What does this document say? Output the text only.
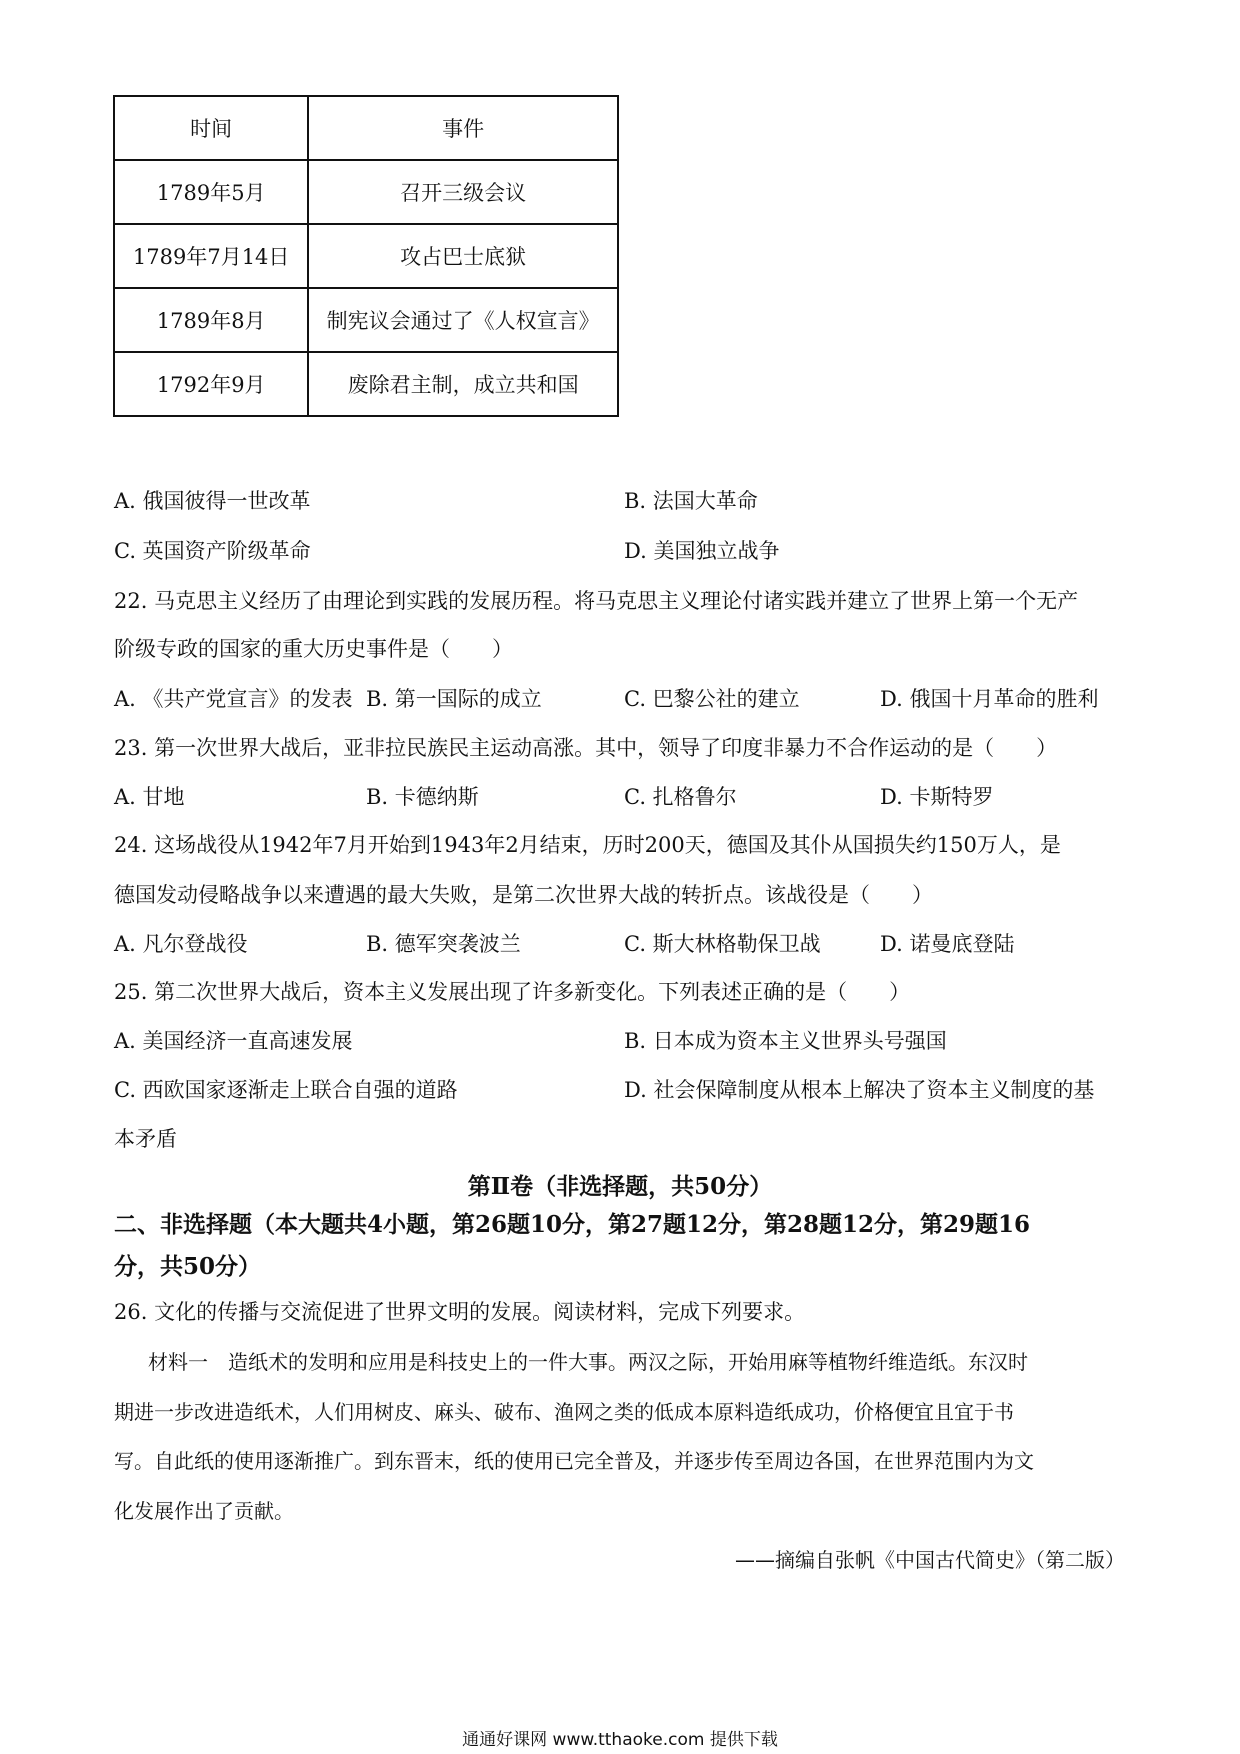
时间	事件
1789年5月	召开三级会议
1789年7月14日	攻占巴士底狱
1789年8月	制宪议会通过了《人权宣言》
1792年9月	废除君主制，成立共和国
A. 俄国彼得一世改革	B. 法国大革命
C. 英国资产阶级革命	D. 美国独立战争
22. 马克思主义经历了由理论到实践的发展历程。将马克思主义理论付诸实践并建立了世界上第一个无产
阶级专政的国家的重大历史事件是（　　）
A. 《共产党宣言》的发表 B. 第一国际的成立	C. 巴黎公社的建立	D. 俄国十月革命的胜利
23. 第一次世界大战后，亚非拉民族民主运动高涨。其中，领导了印度非暴力不合作运动的是（　　）
A. 甘地	B. 卡德纳斯	C. 扎格鲁尔	D. 卡斯特罗
24. 这场战役从1942年7月开始到1943年2月结束，历时200天，德国及其仆从国损失约150万人，是
德国发动侵略战争以来遭遇的最大失败，是第二次世界大战的转折点。该战役是（　　）
A. 凡尔登战役	B. 德军突袭波兰	C. 斯大林格勒保卫战	D. 诺曼底登陆
25. 第二次世界大战后，资本主义发展出现了许多新变化。下列表述正确的是（　　）
A. 美国经济一直高速发展	B. 日本成为资本主义世界头号强国
C. 西欧国家逐渐走上联合自强的道路	D. 社会保障制度从根本上解决了资本主义制度的基
本矛盾
第Ⅱ卷（非选择题，共50分）
二、非选择题（本大题共4小题，第26题10分，第27题12分，第28题12分，第29题16
分，共50分）
26. 文化的传播与交流促进了世界文明的发展。阅读材料，完成下列要求。
材料一　造纸术的发明和应用是科技史上的一件大事。两汉之际，开始用麻等植物纤维造纸。东汉时
期进一步改进造纸术，人们用树皮、麻头、破布、渔网之类的低成本原料造纸成功，价格便宜且宜于书
写。自此纸的使用逐渐推广。到东晋末，纸的使用已完全普及，并逐步传至周边各国，在世界范围内为文
化发展作出了贡献。
——摘编自张帆《中国古代简史》（第二版）
通通好课网 www.tthaoke.com 提供下载
